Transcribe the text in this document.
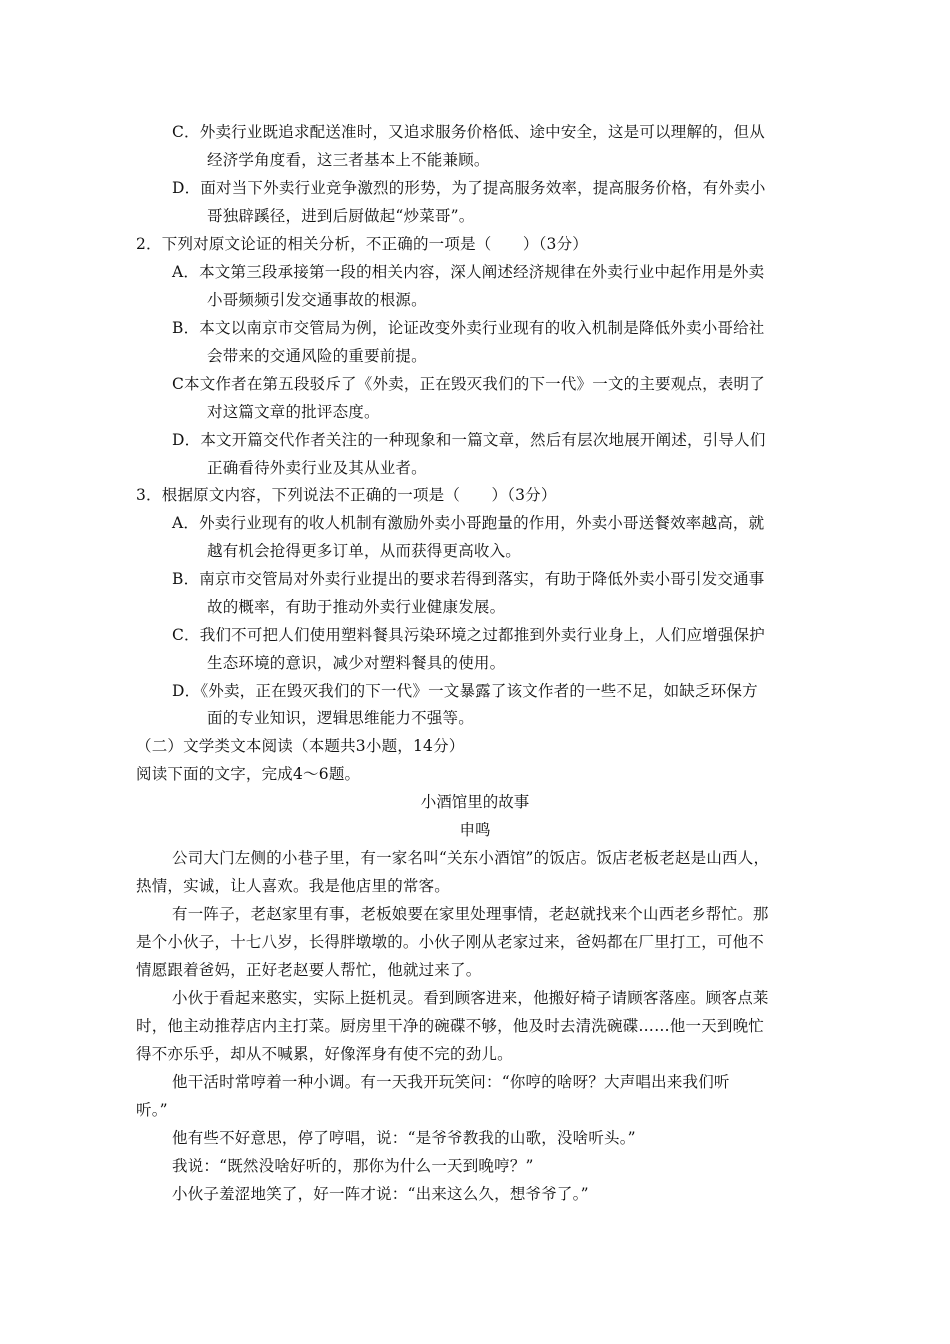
C．外卖行业既追求配送准时，又追求服务价格低、途中安全，这是可以理解的，但从
经济学角度看，这三者基本上不能兼顾。
D．面对当下外卖行业竞争激烈的形势，为了提高服务效率，提高服务价格，有外卖小
哥独辟蹊径，进到后厨做起“炒菜哥”。
2．下列对原文论证的相关分析，不正确的一项是（　　）（3分）
A．本文第三段承接第一段的相关内容，深人阐述经济规律在外卖行业中起作用是外卖
小哥频频引发交通事故的根源。
B．本文以南京市交管局为例，论证改变外卖行业现有的收入机制是降低外卖小哥给社
会带来的交通风险的重要前提。
C本文作者在第五段驳斥了《外卖，正在毁灭我们的下一代》一文的主要观点，表明了
对这篇文章的批评态度。
D．本文开篇交代作者关注的一种现象和一篇文章，然后有层次地展开阐述，引导人们
正确看待外卖行业及其从业者。
3．根据原文内容，下列说法不正确的一项是（　　）（3分）
A．外卖行业现有的收人机制有激励外卖小哥跑量的作用，外卖小哥送餐效率越高，就
越有机会抢得更多订单，从而获得更高收入。
B．南京市交管局对外卖行业提出的要求若得到落实，有助于降低外卖小哥引发交通事
故的概率，有助于推动外卖行业健康发展。
C．我们不可把人们使用塑料餐具污染环境之过都推到外卖行业身上，人们应增强保护
生态环境的意识，减少对塑料餐具的使用。
D．《外卖，正在毁灭我们的下一代》一文暴露了该文作者的一些不足，如缺乏环保方
面的专业知识，逻辑思维能力不强等。
（二）文学类文本阅读（本题共3小题，14分）
阅读下面的文字，完成4～6题。
小酒馆里的故事
申鸣
公司大门左侧的小巷子里，有一家名叫“关东小酒馆”的饭店。饭店老板老赵是山西人，
热情，实诚，让人喜欢。我是他店里的常客。
有一阵子，老赵家里有事，老板娘要在家里处理事情，老赵就找来个山西老乡帮忙。那
是个小伙子，十七八岁，长得胖墩墩的。小伙子刚从老家过来，爸妈都在厂里打工，可他不
情愿跟着爸妈，正好老赵要人帮忙，他就过来了。
小伙于看起来憨实，实际上挺机灵。看到顾客进来，他搬好椅子请顾客落座。顾客点莱
时，他主动推荐店内主打菜。厨房里干净的碗碟不够，他及时去清洗碗碟……他一天到晚忙
得不亦乐乎，却从不喊累，好像浑身有使不完的劲儿。
他干活时常哼着一种小调。有一天我开玩笑问：“你哼的啥呀？大声唱出来我们听
听。”
他有些不好意思，停了哼唱，说：“是爷爷教我的山歌，没啥听头。”
我说：“既然没啥好听的，那你为什么一天到晚哼？”
小伙子羞涩地笑了，好一阵才说：“出来这么久，想爷爷了。”
